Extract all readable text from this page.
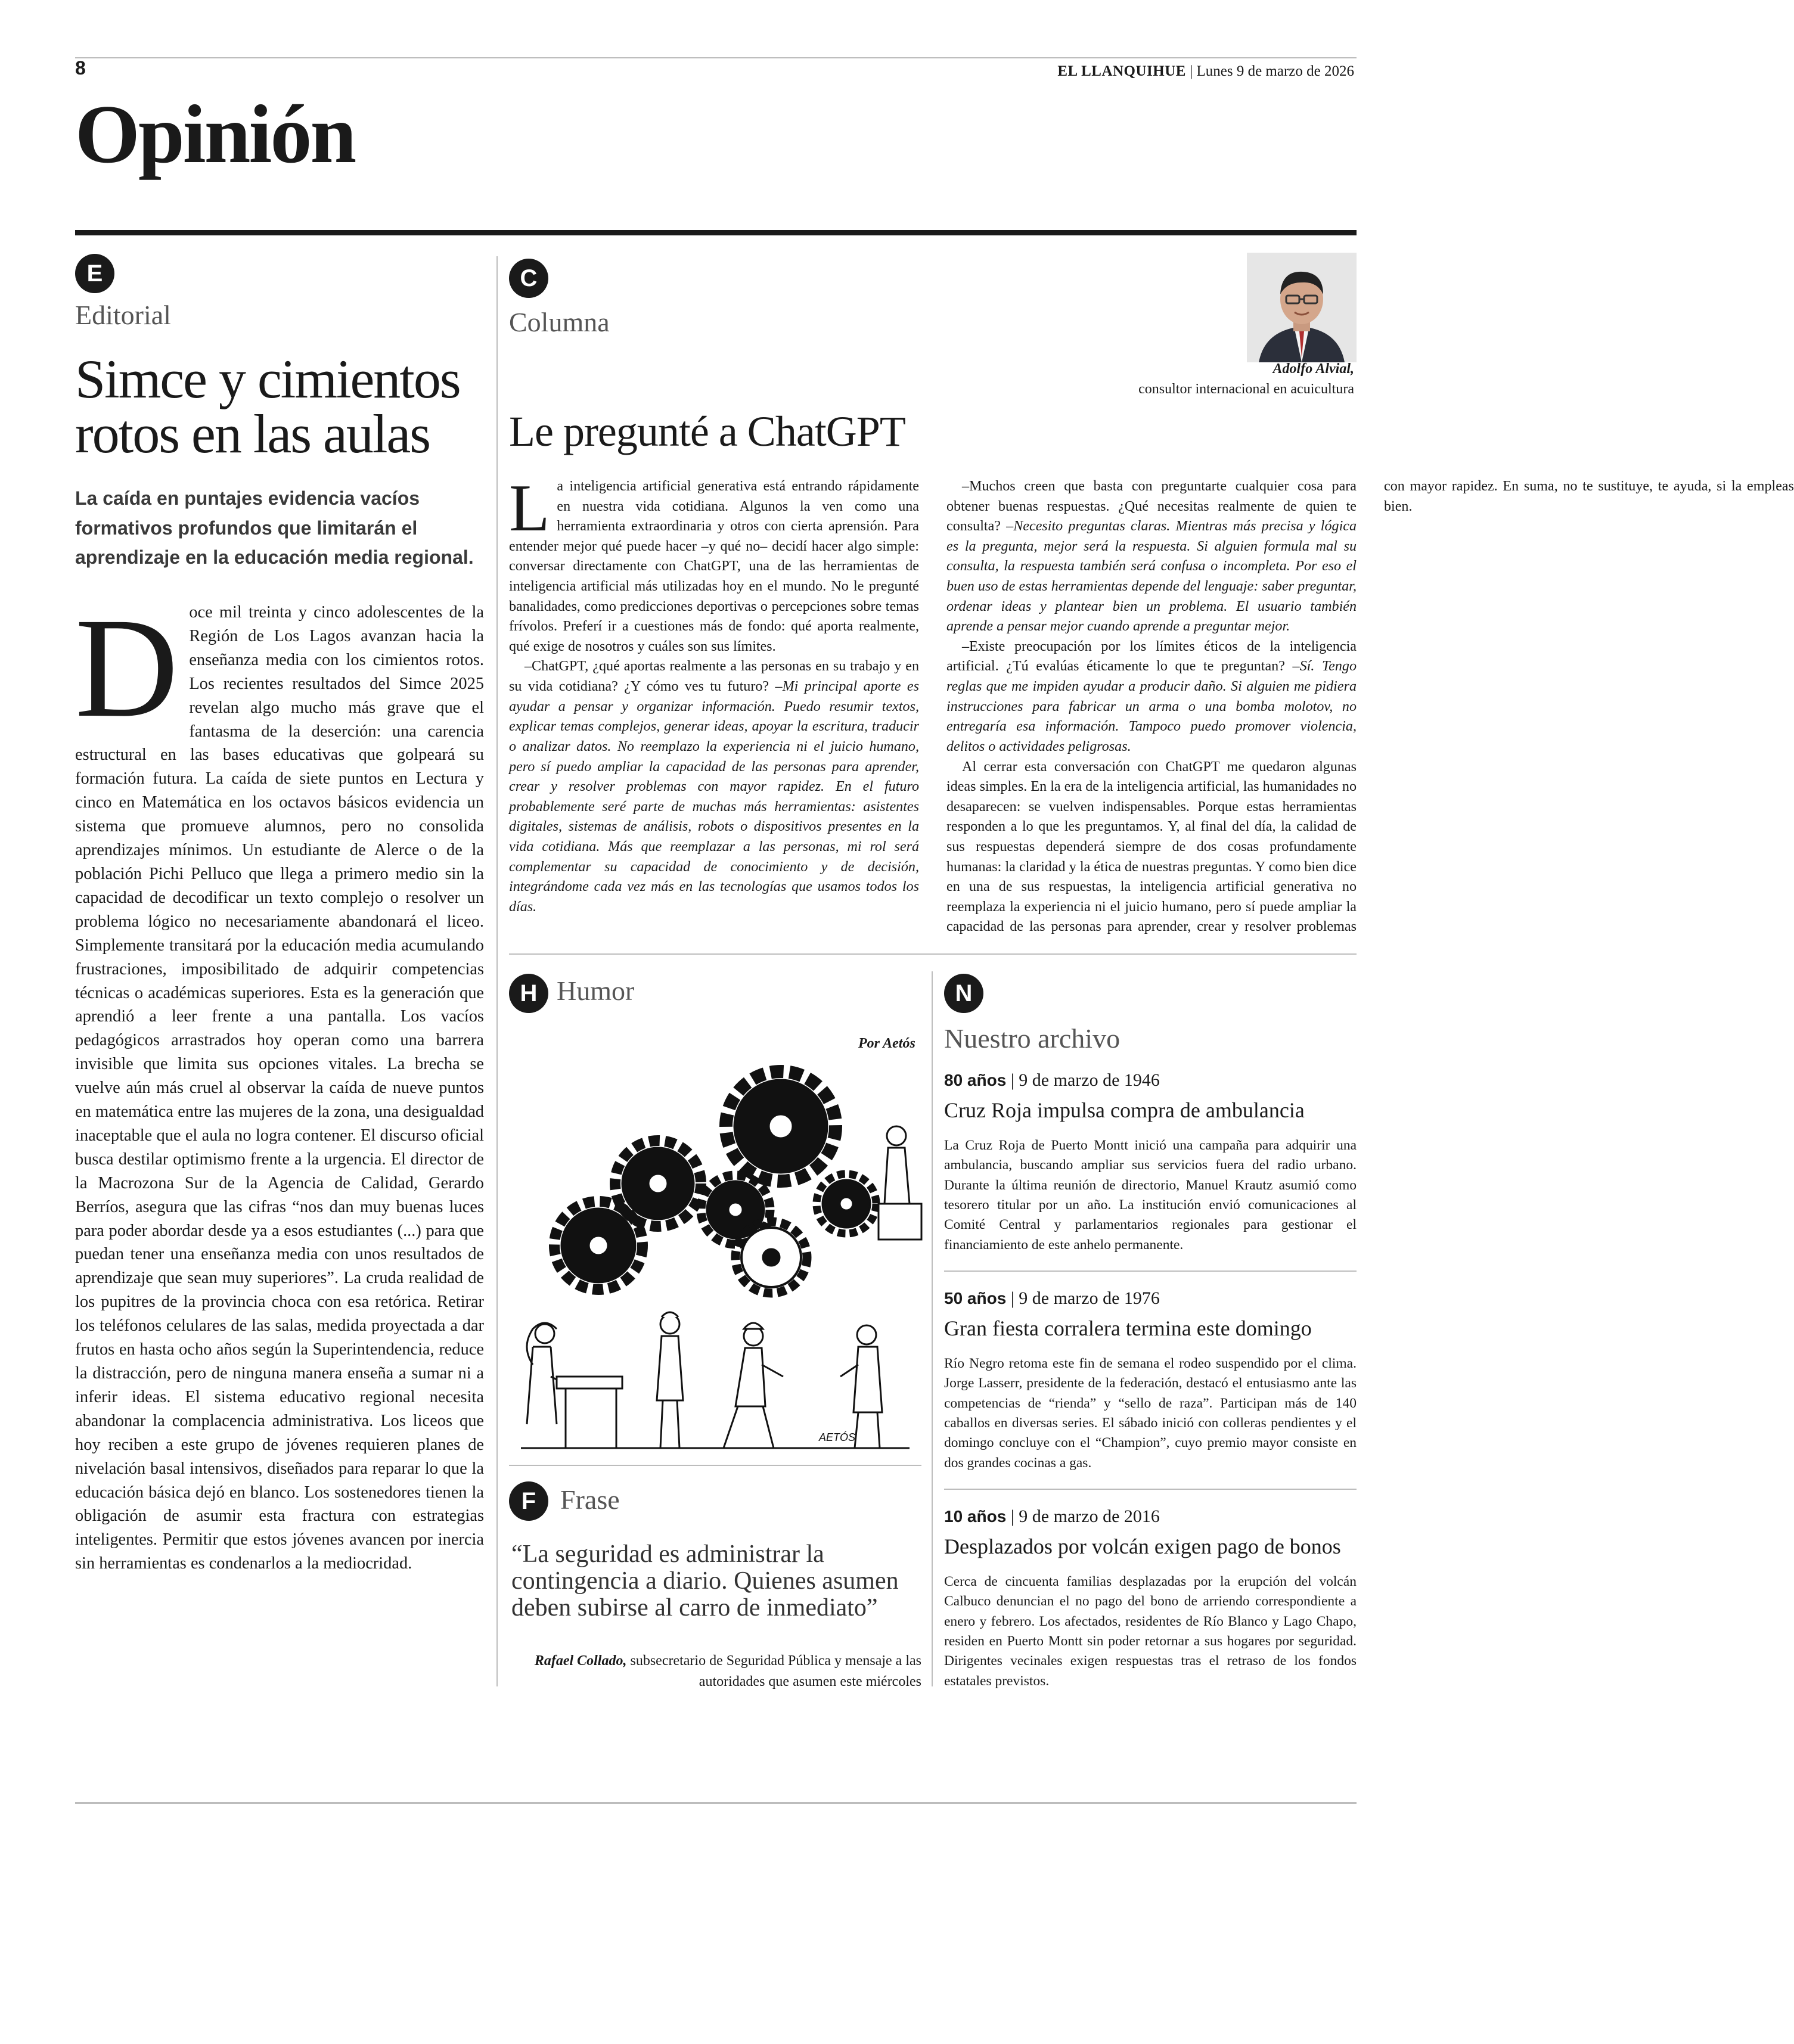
8	EL LLANQUIHUE | Lunes 9 de marzo de 2026
Opinión
E
Editorial
Simce y cimientos rotos en las aulas
La caída en puntajes evidencia vacíos formativos profundos que limitarán el aprendizaje en la educación media regional.
Doce mil treinta y cinco adolescentes de la Región de Los Lagos avanzan hacia la enseñanza media con los cimientos rotos. Los recientes resultados del Simce 2025 revelan algo mucho más grave que el fantasma de la deserción: una carencia estructural en las bases educativas que golpeará su formación futura. La caída de siete puntos en Lectura y cinco en Matemática en los octavos básicos evidencia un sistema que promueve alumnos, pero no consolida aprendizajes mínimos. Un estudiante de Alerce o de la población Pichi Pelluco que llega a primero medio sin la capacidad de decodificar un texto complejo o resolver un problema lógico no necesariamente abandonará el liceo. Simplemente transitará por la educación media acumulando frustraciones, imposibilitado de adquirir competencias técnicas o académicas superiores. Esta es la generación que aprendió a leer frente a una pantalla. Los vacíos pedagógicos arrastrados hoy operan como una barrera invisible que limita sus opciones vitales. La brecha se vuelve aún más cruel al observar la caída de nueve puntos en matemática entre las mujeres de la zona, una desigualdad inaceptable que el aula no logra contener. El discurso oficial busca destilar optimismo frente a la urgencia. El director de la Macrozona Sur de la Agencia de Calidad, Gerardo Berríos, asegura que las cifras “nos dan muy buenas luces para poder abordar desde ya a esos estudiantes (...) para que puedan tener una enseñanza media con unos resultados de aprendizaje que sean muy superiores”. La cruda realidad de los pupitres de la provincia choca con esa retórica. Retirar los teléfonos celulares de las salas, medida proyectada a dar frutos en hasta ocho años según la Superintendencia, reduce la distracción, pero de ninguna manera enseña a sumar ni a inferir ideas. El sistema educativo regional necesita abandonar la complacencia administrativa. Los liceos que hoy reciben a este grupo de jóvenes requieren planes de nivelación basal intensivos, diseñados para reparar lo que la educación básica dejó en blanco. Los sostenedores tienen la obligación de asumir esta fractura con estrategias inteligentes. Permitir que estos jóvenes avancen por inercia sin herramientas es condenarlos a la mediocridad.
C
Columna
Adolfo Alvial,
consultor internacional en acuicultura
Le pregunté a ChatGPT

La inteligencia artificial generativa está entrando rápidamente en nuestra vida cotidiana. Algunos la ven como una herramienta extraordinaria y otros con cierta aprensión. Para entender mejor qué puede hacer –y qué no– decidí hacer algo simple: conversar directamente con ChatGPT, una de las herramientas de inteligencia artificial más utilizadas hoy en el mundo. No le pregunté banalidades, como predicciones deportivas o percepciones sobre temas frívolos. Preferí ir a cuestiones más de fondo: qué aporta realmente, qué exige de nosotros y cuáles son sus límites.

–ChatGPT, ¿qué aportas realmente a las personas en su trabajo y en su vida cotidiana? ¿Y cómo ves tu futuro? –Mi principal aporte es ayudar a pensar y organizar información. Puedo resumir textos, explicar temas complejos, generar ideas, apoyar la escritura, traducir o analizar datos. No reemplazo la experiencia ni el juicio humano, pero sí puedo ampliar la capacidad de las personas para aprender, crear y resolver problemas con mayor rapidez. En el futuro probablemente seré parte de muchas más herramientas: asistentes digitales, sistemas de análisis, robots o dispositivos presentes en la vida cotidiana. Más que reemplazar a las personas, mi rol será complementar su capacidad de conocimiento y de decisión, integrándome cada vez más en las tecnologías que usamos todos los días.

–Muchos creen que basta con preguntarte cualquier cosa para obtener buenas respuestas. ¿Qué necesitas realmente de quien te consulta? –Necesito preguntas claras. Mientras más precisa y lógica es la pregunta, mejor será la respuesta. Si alguien formula mal su consulta, la respuesta también será confusa o incompleta. Por eso el buen uso de estas herramientas depende del lenguaje: saber preguntar, ordenar ideas y plantear bien un problema. El usuario también aprende a pensar mejor cuando aprende a preguntar mejor.

–Existe preocupación por los límites éticos de la inteligencia artificial. ¿Tú evalúas éticamente lo que te preguntan? –Sí. Tengo reglas que me impiden ayudar a producir daño. Si alguien me pidiera instrucciones para fabricar un arma o una bomba molotov, no entregaría esa información. Tampoco puedo promover violencia, delitos o actividades peligrosas.

Al cerrar esta conversación con ChatGPT me quedaron algunas ideas simples. En la era de la inteligencia artificial, las humanidades no desaparecen: se vuelven indispensables. Porque estas herramientas responden a lo que les preguntamos. Y, al final del día, la calidad de sus respuestas dependerá siempre de dos cosas profundamente humanas: la claridad y la ética de nuestras preguntas. Y como bien dice en una de sus respuestas, la inteligencia artificial generativa no reemplaza la experiencia ni el juicio humano, pero sí puede ampliar la capacidad de las personas para aprender, crear y resolver problemas con mayor rapidez. En suma, no te sustituye, te ayuda, si la empleas bien.

H Humor
Por Aetós
AETÓS
F Frase
“La seguridad es administrar la contingencia a diario. Quienes asumen deben subirse al carro de inmediato”
Rafael Collado, subsecretario de Seguridad Pública y mensaje a las autoridades que asumen este miércoles
N
Nuestro archivo
80 años | 9 de marzo de 1946
Cruz Roja impulsa compra de ambulancia
La Cruz Roja de Puerto Montt inició una campaña para adquirir una ambulancia, buscando ampliar sus servicios fuera del radio urbano. Durante la última reunión de directorio, Manuel Krautz asumió como tesorero titular por un año. La institución envió comunicaciones al Comité Central y parlamentarios regionales para gestionar el financiamiento de este anhelo permanente.
50 años | 9 de marzo de 1976
Gran fiesta corralera termina este domingo
Río Negro retoma este fin de semana el rodeo suspendido por el clima. Jorge Lasserr, presidente de la federación, destacó el entusiasmo ante las competencias de “rienda” y “sello de raza”. Participan más de 140 caballos en diversas series. El sábado inició con colleras pendientes y el domingo concluye con el “Champion”, cuyo premio mayor consiste en dos grandes cocinas a gas.
10 años | 9 de marzo de 2016
Desplazados por volcán exigen pago de bonos
Cerca de cincuenta familias desplazadas por la erupción del volcán Calbuco denuncian el no pago del bono de arriendo correspondiente a enero y febrero. Los afectados, residentes de Río Blanco y Lago Chapo, residen en Puerto Montt sin poder retornar a sus hogares por seguridad. Dirigentes vecinales exigen respuestas tras el retraso de los fondos estatales previstos.
